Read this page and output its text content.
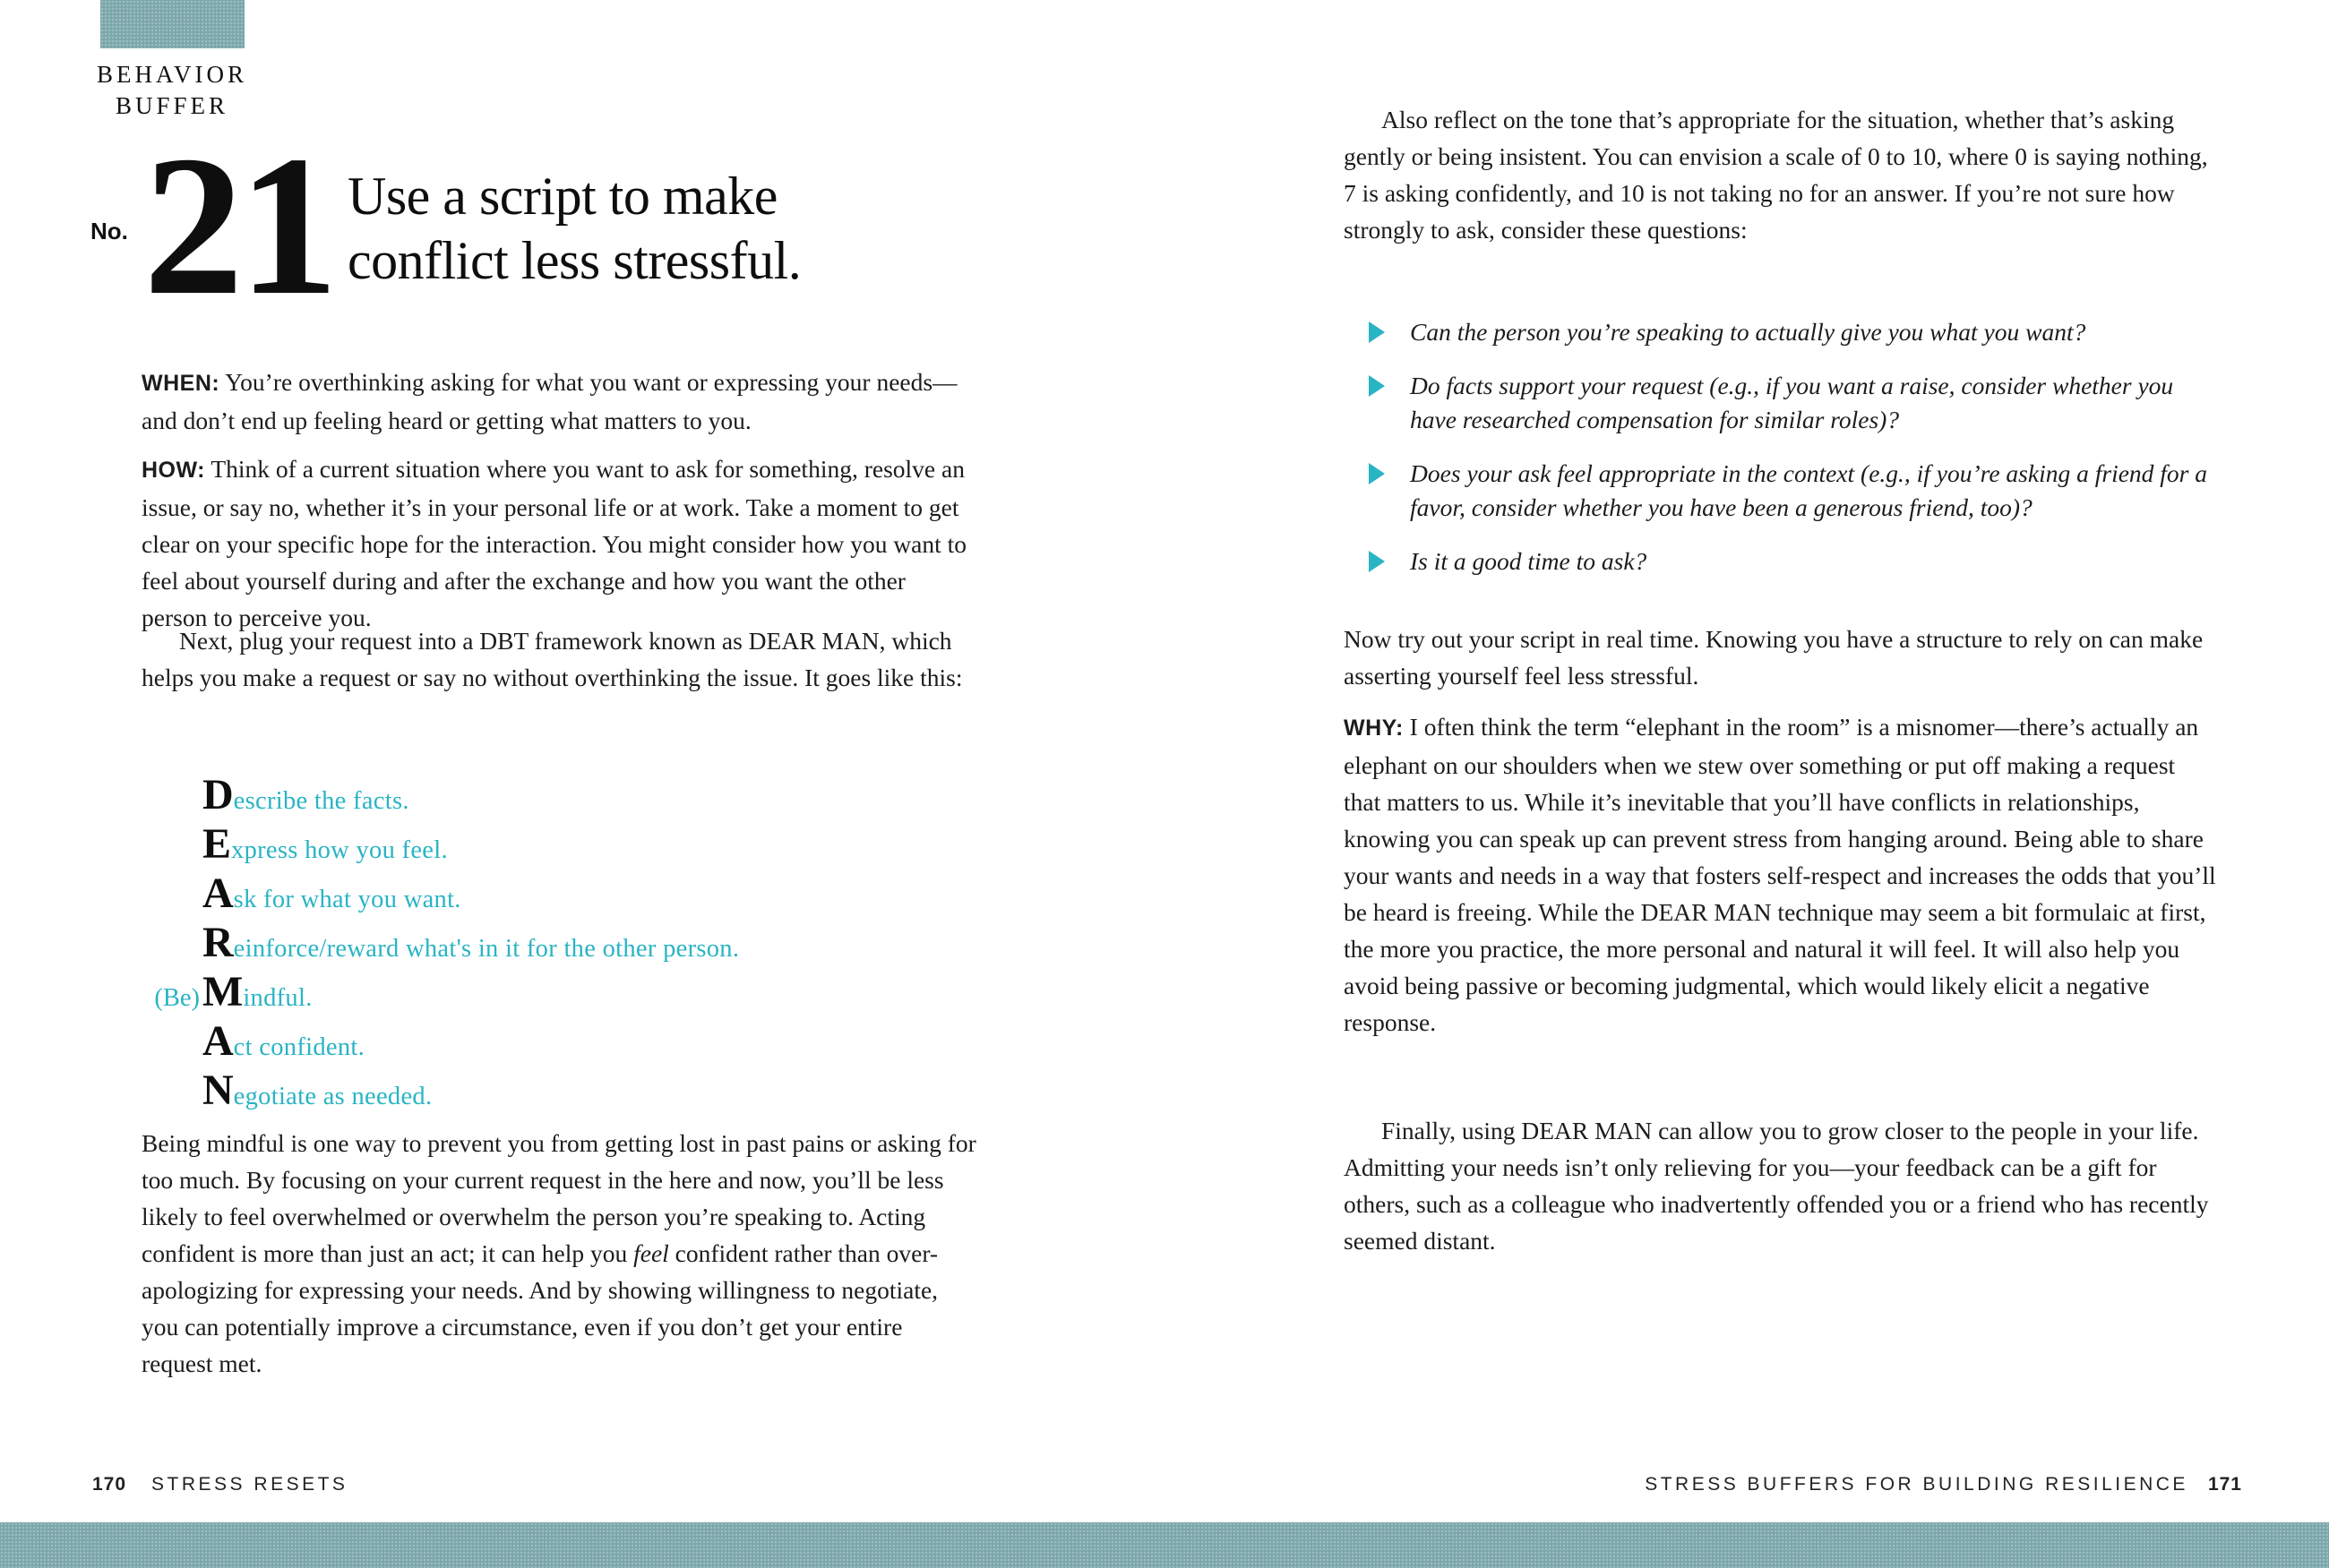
BEHAVIOR
BUFFER
No. 21 Use a script to make
conflict less stressful.

WHEN: You’re overthinking asking for what you want or expressing your needs—and don’t end up feeling heard or getting what matters to you.

HOW: Think of a current situation where you want to ask for something, resolve an issue, or say no, whether it’s in your personal life or at work. Take a moment to get clear on your specific hope for the interaction. You might consider how you want to feel about yourself during and after the exchange and how you want the other person to perceive you.

Next, plug your request into a DBT framework known as DEAR MAN, which helps you make a request or say no without overthinking the issue. It goes like this:

D escribe the facts.
E xpress how you feel.
A sk for what you want.
R einforce/reward what's in it for the other person.
(Be) M indful.
A ct confident.
N egotiate as needed.

Being mindful is one way to prevent you from getting lost in past pains or asking for too much. By focusing on your current request in the here and now, you’ll be less likely to feel overwhelmed or overwhelm the person you’re speaking to. Acting confident is more than just an act; it can help you feel confident rather than over-apologizing for expressing your needs. And by showing willingness to negotiate, you can potentially improve a circumstance, even if you don’t get your entire request met.

170 STRESS RESETS

Also reflect on the tone that’s appropriate for the situation, whether that’s asking gently or being insistent. You can envision a scale of 0 to 10, where 0 is saying nothing, 7 is asking confidently, and 10 is not taking no for an answer. If you’re not sure how strongly to ask, consider these questions:

Can the person you’re speaking to actually give you what you want?
Do facts support your request (e.g., if you want a raise, consider whether you have researched compensation for similar roles)?
Does your ask feel appropriate in the context (e.g., if you’re asking a friend for a favor, consider whether you have been a generous friend, too)?
Is it a good time to ask?

Now try out your script in real time. Knowing you have a structure to rely on can make asserting yourself feel less stressful.

WHY: I often think the term “elephant in the room” is a misnomer—there’s actually an elephant on our shoulders when we stew over something or put off making a request that matters to us. While it’s inevitable that you’ll have conflicts in relationships, knowing you can speak up can prevent stress from hanging around. Being able to share your wants and needs in a way that fosters self-respect and increases the odds that you’ll be heard is freeing. While the DEAR MAN technique may seem a bit formulaic at first, the more you practice, the more personal and natural it will feel. It will also help you avoid being passive or becoming judgmental, which would likely elicit a negative response.

Finally, using DEAR MAN can allow you to grow closer to the people in your life. Admitting your needs isn’t only relieving for you—your feedback can be a gift for others, such as a colleague who inadvertently offended you or a friend who has recently seemed distant.

STRESS BUFFERS FOR BUILDING RESILIENCE 171
